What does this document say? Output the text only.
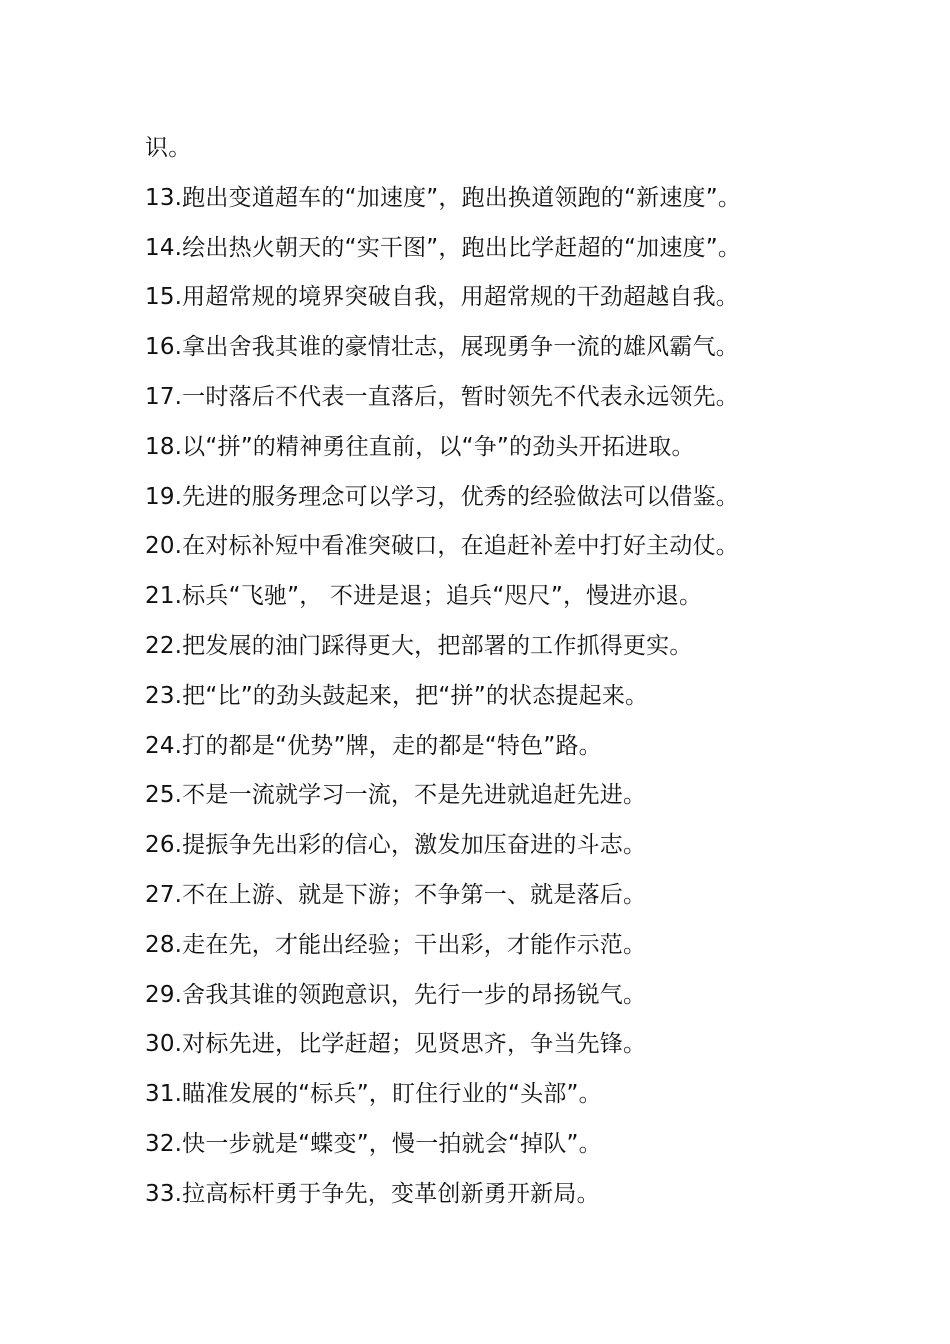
识。
13.跑出变道超车的“加速度”，跑出换道领跑的“新速度”。
14.绘出热火朝天的“实干图”，跑出比学赶超的“加速度”。
15.用超常规的境界突破自我，用超常规的干劲超越自我。
16.拿出舍我其谁的豪情壮志，展现勇争一流的雄风霸气。
17.一时落后不代表一直落后，暂时领先不代表永远领先。
18.以“拼”的精神勇往直前，以“争”的劲头开拓进取。
19.先进的服务理念可以学习，优秀的经验做法可以借鉴。
20.在对标补短中看准突破口，在追赶补差中打好主动仗。
21.标兵“飞驰”， 不进是退；追兵“咫尺”，慢进亦退。
22.把发展的油门踩得更大，把部署的工作抓得更实。
23.把“比”的劲头鼓起来，把“拼”的状态提起来。
24.打的都是“优势”牌，走的都是“特色”路。
25.不是一流就学习一流，不是先进就追赶先进。
26.提振争先出彩的信心，激发加压奋进的斗志。
27.不在上游、就是下游；不争第一、就是落后。
28.走在先，才能出经验；干出彩，才能作示范。
29.舍我其谁的领跑意识，先行一步的昂扬锐气。
30.对标先进，比学赶超；见贤思齐，争当先锋。
31.瞄准发展的“标兵”，盯住行业的“头部”。
32.快一步就是“蝶变”，慢一拍就会“掉队”。
33.拉高标杆勇于争先，变革创新勇开新局。
